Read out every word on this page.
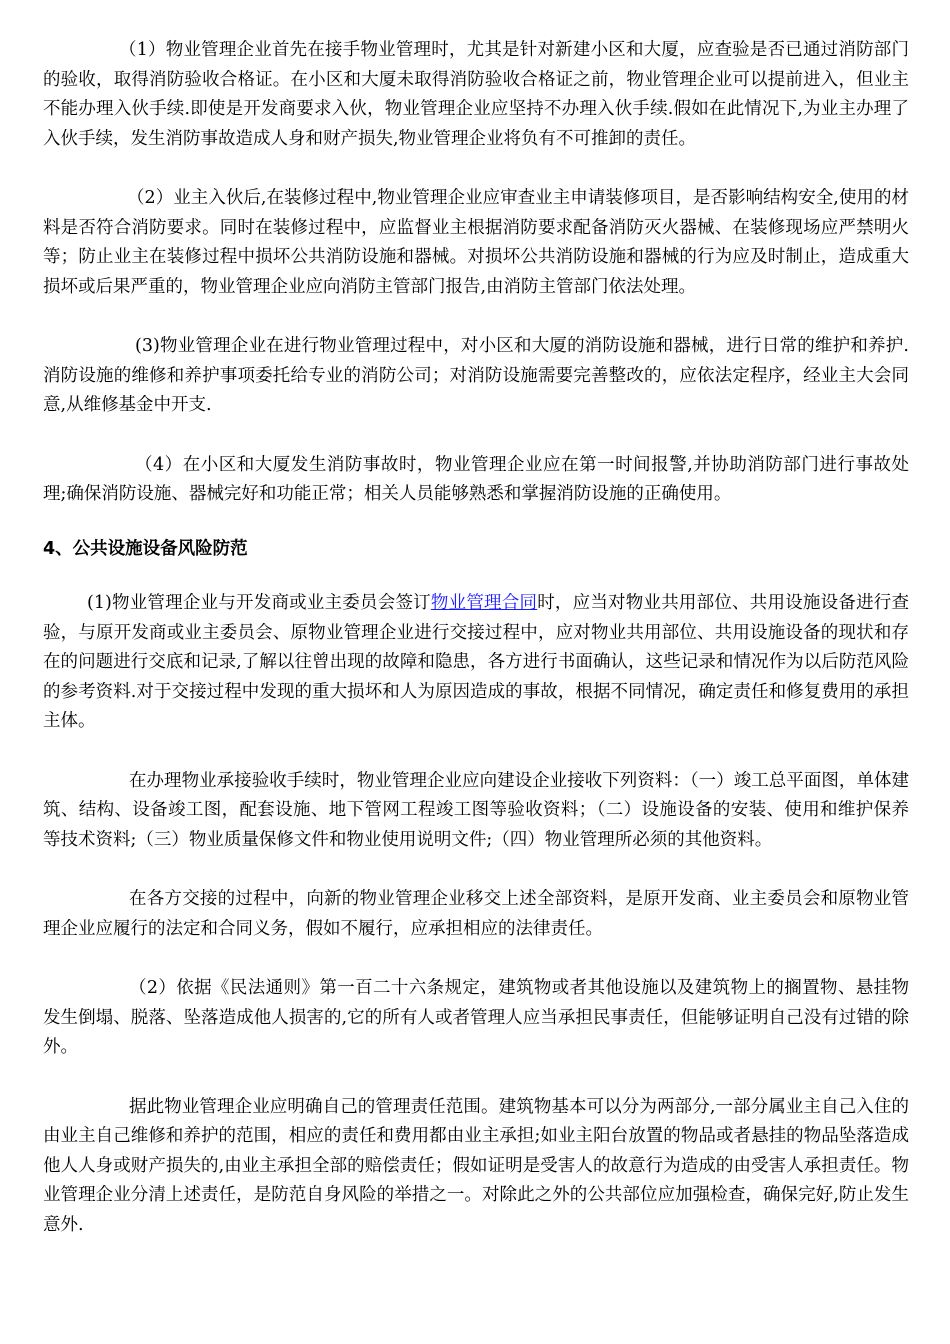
（1）物业管理企业首先在接手物业管理时，尤其是针对新建小区和大厦，应查验是否已通过消防部门的验收，取得消防验收合格证。在小区和大厦未取得消防验收合格证之前，物业管理企业可以提前进入，但业主不能办理入伙手续.即使是开发商要求入伙，物业管理企业应坚持不办理入伙手续.假如在此情况下,为业主办理了入伙手续，发生消防事故造成人身和财产损失,物业管理企业将负有不可推卸的责任。

（2）业主入伙后,在装修过程中,物业管理企业应审查业主申请装修项目，是否影响结构安全,使用的材料是否符合消防要求。同时在装修过程中，应监督业主根据消防要求配备消防灭火器械、在装修现场应严禁明火等；防止业主在装修过程中损坏公共消防设施和器械。对损坏公共消防设施和器械的行为应及时制止，造成重大损坏或后果严重的，物业管理企业应向消防主管部门报告,由消防主管部门依法处理。

(3)物业管理企业在进行物业管理过程中，对小区和大厦的消防设施和器械，进行日常的维护和养护.消防设施的维修和养护事项委托给专业的消防公司；对消防设施需要完善整改的，应依法定程序，经业主大会同意,从维修基金中开支.

（4）在小区和大厦发生消防事故时，物业管理企业应在第一时间报警,并协助消防部门进行事故处理;确保消防设施、器械完好和功能正常；相关人员能够熟悉和掌握消防设施的正确使用。

4、公共设施设备风险防范

(1)物业管理企业与开发商或业主委员会签订物业管理合同时，应当对物业共用部位、共用设施设备进行查验，与原开发商或业主委员会、原物业管理企业进行交接过程中，应对物业共用部位、共用设施设备的现状和存在的问题进行交底和记录,了解以往曾出现的故障和隐患，各方进行书面确认，这些记录和情况作为以后防范风险的参考资料.对于交接过程中发现的重大损坏和人为原因造成的事故，根据不同情况，确定责任和修复费用的承担主体。

在办理物业承接验收手续时，物业管理企业应向建设企业接收下列资料：（一）竣工总平面图，单体建筑、结构、设备竣工图，配套设施、地下管网工程竣工图等验收资料；（二）设施设备的安装、使用和维护保养等技术资料;（三）物业质量保修文件和物业使用说明文件;（四）物业管理所必须的其他资料。

在各方交接的过程中，向新的物业管理企业移交上述全部资料，是原开发商、业主委员会和原物业管理企业应履行的法定和合同义务，假如不履行，应承担相应的法律责任。

（2）依据《民法通则》第一百二十六条规定，建筑物或者其他设施以及建筑物上的搁置物、悬挂物发生倒塌、脱落、坠落造成他人损害的,它的所有人或者管理人应当承担民事责任，但能够证明自己没有过错的除外。

据此物业管理企业应明确自己的管理责任范围。建筑物基本可以分为两部分,一部分属业主自己入住的由业主自己维修和养护的范围，相应的责任和费用都由业主承担;如业主阳台放置的物品或者悬挂的物品坠落造成他人人身或财产损失的,由业主承担全部的赔偿责任；假如证明是受害人的故意行为造成的由受害人承担责任。物业管理企业分清上述责任，是防范自身风险的举措之一。对除此之外的公共部位应加强检查，确保完好,防止发生意外.
